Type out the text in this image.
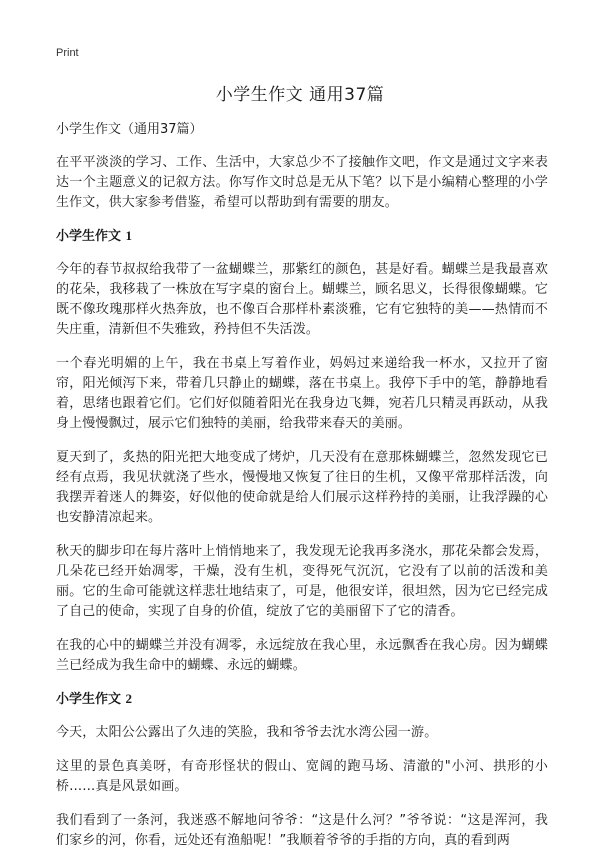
Print
小学生作文 通用37篇
小学生作文（通用37篇）

在平平淡淡的学习、工作、生活中，大家总少不了接触作文吧，作文是通过文字来表达一个主题意义的记叙方法。你写作文时总是无从下笔？以下是小编精心整理的小学生作文，供大家参考借鉴，希望可以帮助到有需要的朋友。

小学生作文 1

今年的春节叔叔给我带了一盆蝴蝶兰，那紫红的颜色，甚是好看。蝴蝶兰是我最喜欢的花朵，我移栽了一株放在写字桌的窗台上。蝴蝶兰，顾名思义，长得很像蝴蝶。它既不像玫瑰那样火热奔放，也不像百合那样朴素淡雅，它有它独特的美——热情而不失庄重，清新但不失雅致，矜持但不失活泼。

一个春光明媚的上午，我在书桌上写着作业，妈妈过来递给我一杯水，又拉开了窗帘，阳光倾泻下来，带着几只静止的蝴蝶，落在书桌上。我停下手中的笔，静静地看着，思绪也跟着它们。它们好似随着阳光在我身边飞舞，宛若几只精灵再跃动，从我身上慢慢飘过，展示它们独特的美丽，给我带来春天的美丽。

夏天到了，炙热的阳光把大地变成了烤炉，几天没有在意那株蝴蝶兰，忽然发现它已经有点焉，我见状就浇了些水，慢慢地又恢复了往日的生机，又像平常那样活泼，向我摆弄着迷人的舞姿，好似他的使命就是给人们展示这样矜持的美丽，让我浮躁的心也安静清凉起来。

秋天的脚步印在每片落叶上悄悄地来了，我发现无论我再多浇水，那花朵都会发焉，几朵花已经开始凋零，干燥，没有生机，变得死气沉沉，它没有了以前的活泼和美丽。它的生命可能就这样悲壮地结束了，可是，他很安详，很坦然，因为它已经完成了自己的使命，实现了自身的价值，绽放了它的美丽留下了它的清香。

在我的心中的蝴蝶兰并没有凋零，永远绽放在我心里，永远飘香在我心房。因为蝴蝶兰已经成为我生命中的蝴蝶、永远的蝴蝶。

小学生作文 2

今天，太阳公公露出了久违的笑脸，我和爷爷去沈水湾公园一游。

这里的景色真美呀，有奇形怪状的假山、宽阔的跑马场、清澈的"小河、拱形的小桥……真是风景如画。

我们看到了一条河，我迷惑不解地问爷爷：“这是什么河？”爷爷说：“这是浑河，我们家乡的河，你看，远处还有渔船呢！”我顺着爷爷的手指的方向，真的看到两
